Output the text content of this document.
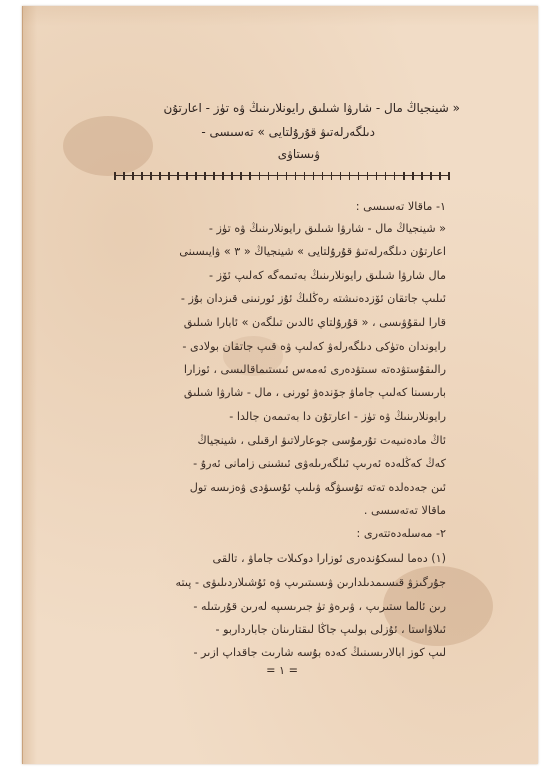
« شينجياڭ مال - شارۋا شىلىق رايونلارىنىڭ ۋە تۈز - اعارتۇن
دىلگەرلەتىۋ قۇرۇلتايى » تەسىسى -
ۋىستاۋى
١- ماقالا تەسىسى :
« شينجياڭ مال - شارۋا شىلىق رايونلارىنىڭ ۋە تۈز -
اعارتۇن دىلگەرلەتىۋ قۇرۇلتايى » شينجياڭ « ٣ » ۋايىسىنى
مال شارۋا شىلىق رايونلارىنىڭ بەتىمەگە كەلىپ ئۆز -
ئىلىپ جاتقان ئۆزدەنىشتە رەڭلىڭ ئۇز ئورنىنى قىزدان بۇز -
قارا لىقۇۋىسى ، « قۇرۇلتاي ئالدىن تىلگەن » ئابارا شىلىق
رايوندان ەتۈكى دىلگەرلەۋ كەلىپ ۋە قىپ جاتقان بولادى -
رالىقۇستۋدەتە سىتۋدەرى ئەمەس ئىستىماقالىسى ، ئوزارا
بارىسىنا كەلىپ جاماۋ جۆندەۋ ئورنى ، مال - شارۋا شىلىق
رايونلارىنىڭ ۋە تۈز - اعارتۇن دا بەتىمەن جالدا -
ئاڭ مادەنىيەت تۇرمۇسى جوعارلاتىۋ ارقىلى ، شينجياڭ
كەڭ كەڭلەدە ئەرىپ ئىلگەرىلەۋى ئىشىنى زامانى ئەرۇ -
ئىن جەدەلدە تەتە تۇسىۋگە ۋىلىپ ئۇسىۋدى ۋەزىسە تول
ماقالا تەتەسسى .
٢- مەسلەدەتتەرى :
(١) دەما لىسكۇندەرى ئوزارا دوكىلات جاماۋ ، تالقى
جۇرگىزۋ قىسىمدىلدارىن ۋىسىتىرىپ ۋە ئۇشىلاردىلىۋى - پىتە
رىن ئالما ستىرىپ ، ۋىرەۋ تۈ جىرىسىپە لەرىن قۇرىتىلە -
ئىلاۋاستا ، ئۇزلى بولىپ جاڭا لىقتارىنان جابارداربو -
لىپ كوز ابالارىسىنىڭ كەدە بۇسە شارىت جاقداپ ازىر -
= ١ =
